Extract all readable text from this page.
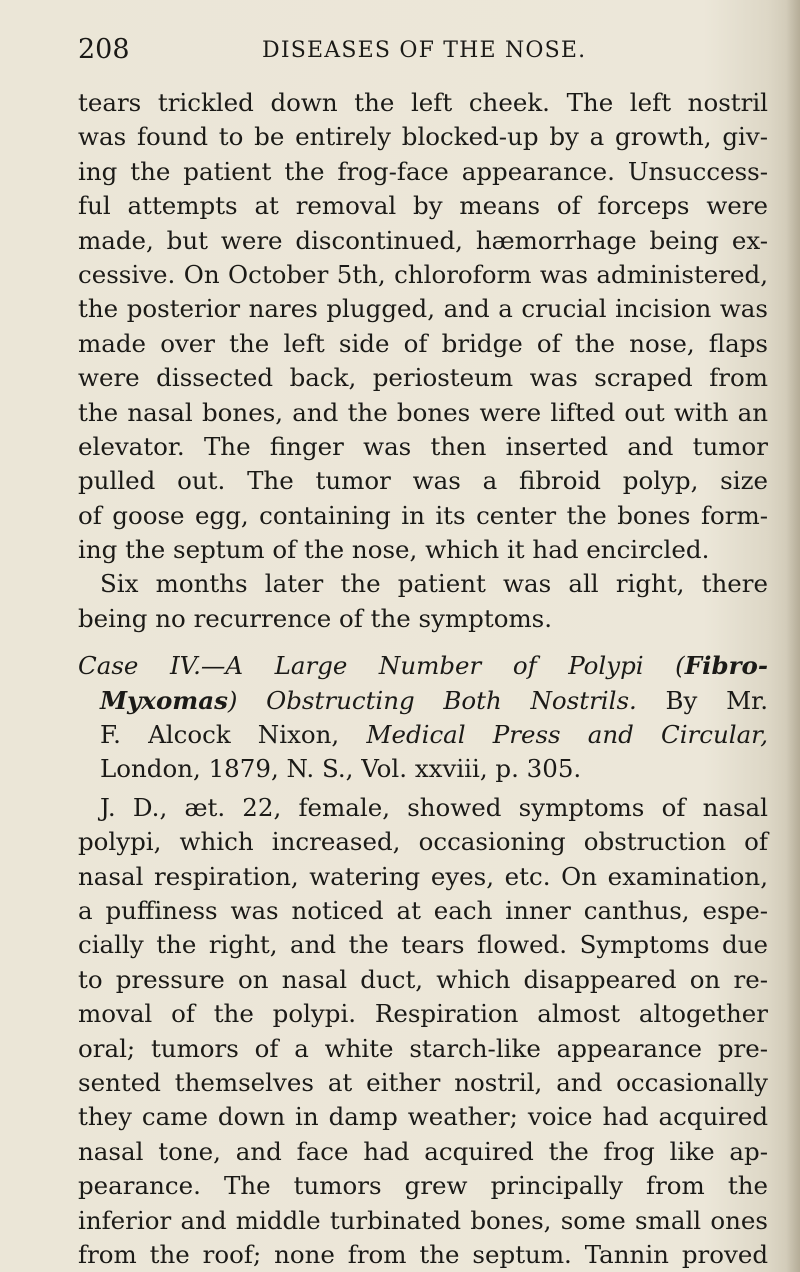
208	DISEASES OF THE NOSE.
tears trickled down the left cheek. The left nostril
was found to be entirely blocked-up by a growth, giv-
ing the patient the frog-face appearance. Unsuccess-
ful attempts at removal by means of forceps were
made, but were discontinued, hæmorrhage being ex-
cessive. On October 5th, chloroform was administered,
the posterior nares plugged, and a crucial incision was
made over the left side of bridge of the nose, flaps
were dissected back, periosteum was scraped from
the nasal bones, and the bones were lifted out with an
elevator. The finger was then inserted and tumor
pulled out. The tumor was a fibroid polyp, size
of goose egg, containing in its center the bones form-
ing the septum of the nose, which it had encircled.
Six months later the patient was all right, there
being no recurrence of the symptoms.
Case IV.—A Large Number of Polypi (Fibro-
Myxomas) Obstructing Both Nostrils. By Mr.
F. Alcock Nixon, Medical Press and Circular,
London, 1879, N. S., Vol. xxviii, p. 305.
J. D., æt. 22, female, showed symptoms of nasal
polypi, which increased, occasioning obstruction of
nasal respiration, watering eyes, etc. On examination,
a puffiness was noticed at each inner canthus, espe-
cially the right, and the tears flowed. Symptoms due
to pressure on nasal duct, which disappeared on re-
moval of the polypi. Respiration almost altogether
oral; tumors of a white starch-like appearance pre-
sented themselves at either nostril, and occasionally
they came down in damp weather; voice had acquired
nasal tone, and face had acquired the frog like ap-
pearance. The tumors grew principally from the
inferior and middle turbinated bones, some small ones
from the roof; none from the septum. Tannin proved
